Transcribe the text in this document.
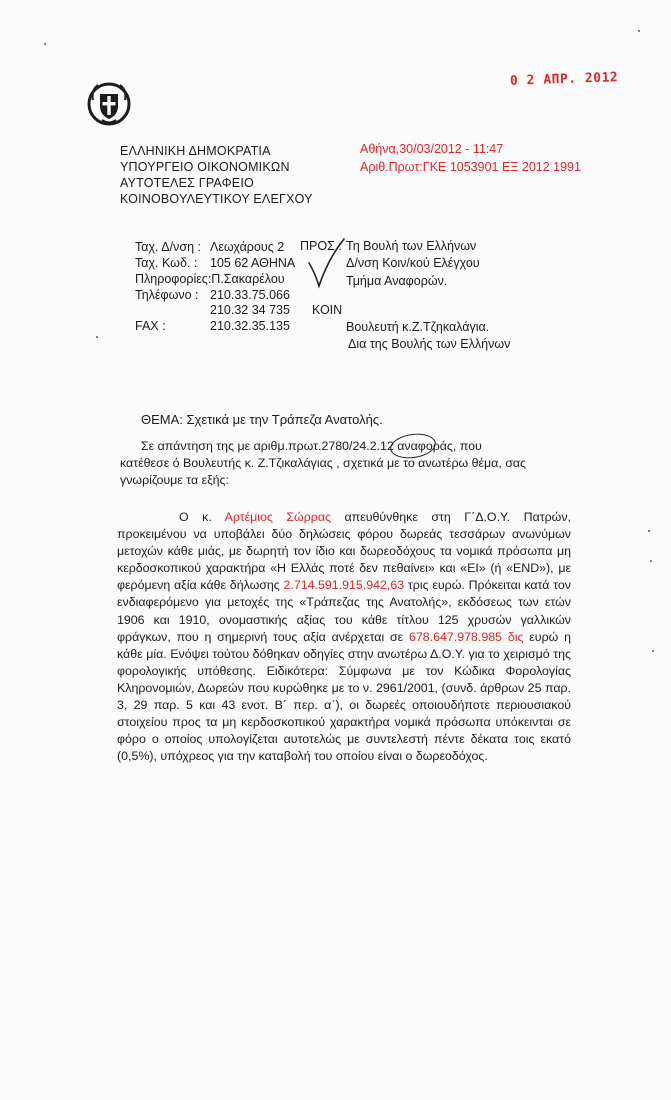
0 2 ΑΠΡ. 2012
ΕΛΛΗΝΙΚΗ ΔΗΜΟΚΡΑΤΙΑ
ΥΠΟΥΡΓΕΙΟ ΟΙΚΟΝΟΜΙΚΩΝ
ΑΥΤΟΤΕΛΕΣ ΓΡΑΦΕΙΟ
ΚΟΙΝΟΒΟΥΛΕΥΤΙΚΟΥ ΕΛΕΓΧΟΥ
Αθήνα,30/03/2012 - 11:47
Αριθ.Πρωτ:ΓΚΕ 1053901 ΕΞ 2012 1991
Ταχ. Δ/νση : Λεωχάρους 2
Ταχ. Κωδ. : 105 62 ΑΘΗΝΑ
Πληροφορίες:Π.Σακαρέλου
Τηλέφωνο : 210.33.75.066
210.32 34 735
FAX :	210.32.35.135
ΠΡΟΣ : Τη Βουλή των Ελλήνων
Δ/νση Κοιν/κού Ελέγχου
Τμήμα Αναφορών.
ΚΟΙΝ
Βουλευτή κ.Ζ.Τζηκαλάγια.
Δια της Βουλής των Ελλήνων
ΘΕΜΑ: Σχετικά με την Τράπεζα Ανατολής.
Σε απάντηση της με αριθμ.πρωτ.2780/24.2.12 αναφοράς, που
κατέθεσε ό Βουλευτής κ. Ζ.Τζικαλάγιας , σχετικά με το ανωτέρω θέμα, σας
γνωρίζουμε τα εξής:
Ο κ. Αρτέμιος Σώρρας απευθύνθηκε στη Γ΄Δ.Ο.Υ. Πατρών, προκειμένου να υποβάλει δύο δηλώσεις φόρου δωρεάς τεσσάρων ανωνύμων μετοχών κάθε μιάς, με δωρητή τον ίδιο και δωρεοδόχους τα νομικά πρόσωπα μη κερδοσκοπικού χαρακτήρα «Η Ελλάς ποτέ δεν πεθαίνει» και «ΕΙ» (ή «END»), με φερόμενη αξία κάθε δήλωσης 2.714.591.915.942,63 τρις ευρώ. Πρόκειται κατά τον ενδιαφερόμενο για μετοχές της «Τράπεζας της Ανατολής», εκδόσεως των ετών 1906 και 1910, ονομαστικής αξίας του κάθε τίτλου 125 χρυσών γαλλικών φράγκων, που η σημερινή τους αξία ανέρχεται σε 678.647.978.985 δις ευρώ η κάθε μία. Ενόψει τούτου δόθηκαν οδηγίες στην ανωτέρω Δ.Ο.Υ. για το χειρισμό της φορολογικής υπόθεσης. Ειδικότερα: Σύμφωνα με τον Κώδικα Φορολογίας Κληρονομιών, Δωρεών που κυρώθηκε με το ν. 2961/2001, (συνδ. άρθρων 25 παρ. 3, 29 παρ. 5 και 43 ενοτ. Β΄ περ. α΄), οι δωρεές οποιουδήποτε περιουσιακού στοιχείου προς τα μη κερδοσκοπικού χαρακτήρα νομικά πρόσωπα υπόκεινται σε φόρο ο οποίος υπολογίζεται αυτοτελώς με συντελεστή πέντε δέκατα τοις εκατό (0,5%), υπόχρεος για την καταβολή του οποίου είναι ο δωρεοδόχος.
